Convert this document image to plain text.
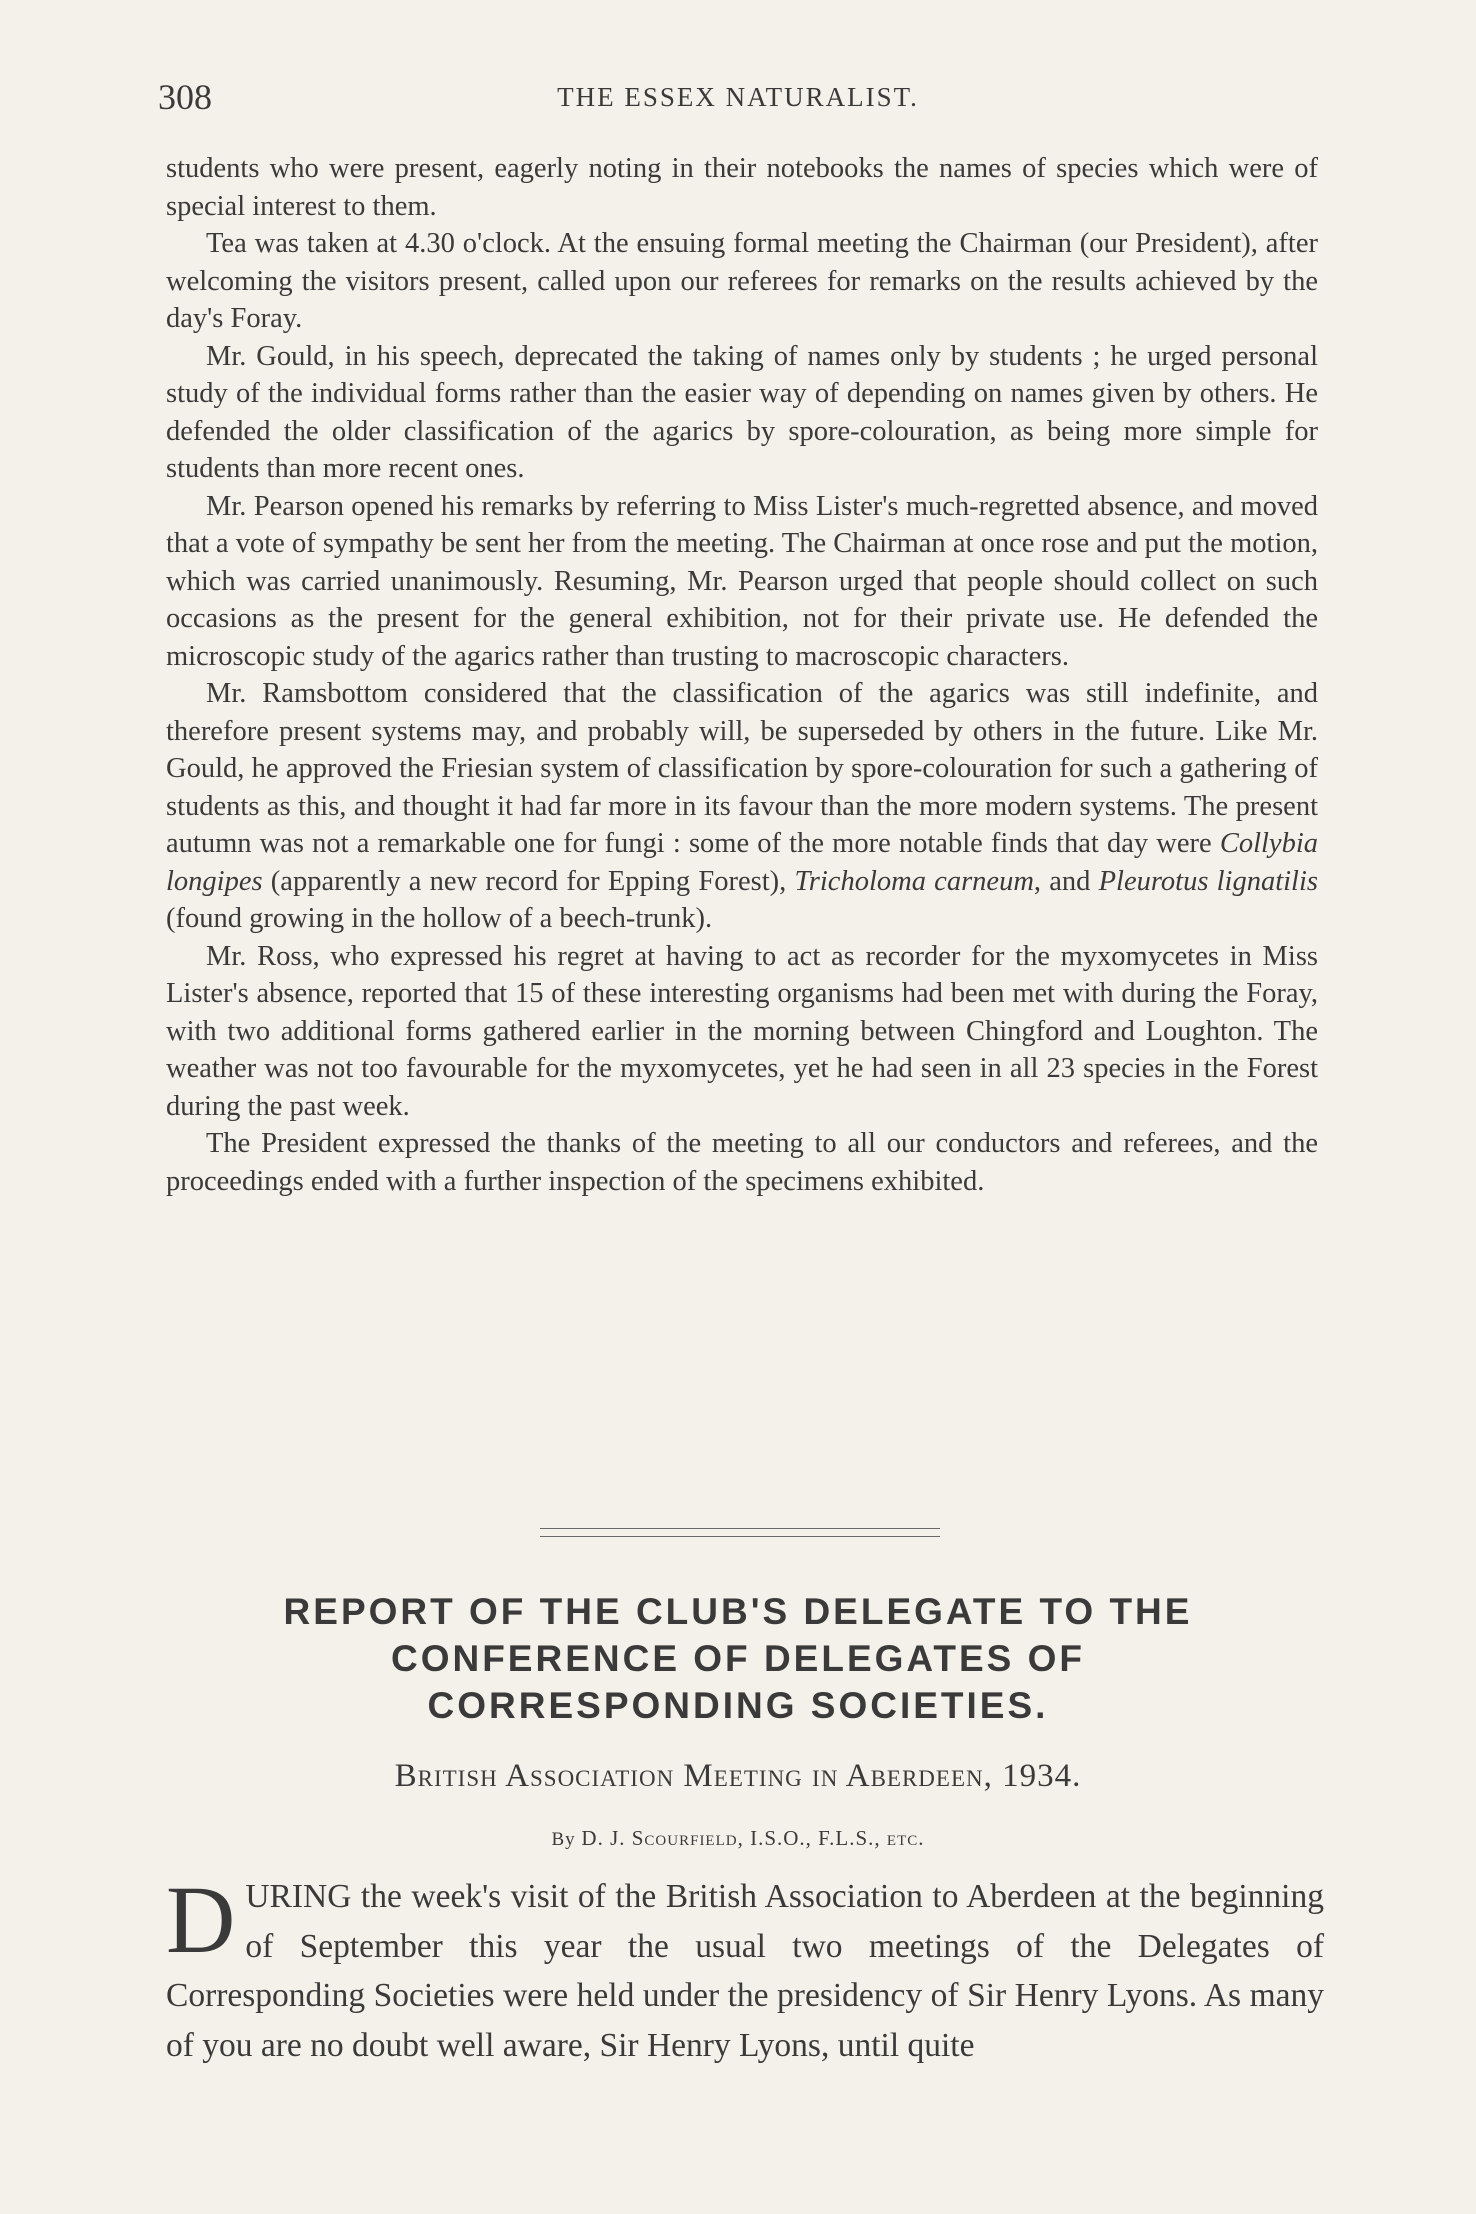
308	THE ESSEX NATURALIST.

students who were present, eagerly noting in their notebooks the names of species which were of special interest to them.

Tea was taken at 4.30 o'clock. At the ensuing formal meeting the Chairman (our President), after welcoming the visitors present, called upon our referees for remarks on the results achieved by the day's Foray.

Mr. Gould, in his speech, deprecated the taking of names only by students ; he urged personal study of the individual forms rather than the easier way of depending on names given by others. He defended the older classification of the agarics by spore-colouration, as being more simple for students than more recent ones.

Mr. Pearson opened his remarks by referring to Miss Lister's much-regretted absence, and moved that a vote of sympathy be sent her from the meeting. The Chairman at once rose and put the motion, which was carried unanimously. Resuming, Mr. Pearson urged that people should collect on such occasions as the present for the general exhibition, not for their private use. He defended the microscopic study of the agarics rather than trusting to macroscopic characters.

Mr. Ramsbottom considered that the classification of the agarics was still indefinite, and therefore present systems may, and probably will, be superseded by others in the future. Like Mr. Gould, he approved the Friesian system of classification by spore-colouration for such a gathering of students as this, and thought it had far more in its favour than the more modern systems. The present autumn was not a remarkable one for fungi : some of the more notable finds that day were Collybia longipes (apparently a new record for Epping Forest), Tricholoma carneum, and Pleurotus lignatilis (found growing in the hollow of a beech-trunk).

Mr. Ross, who expressed his regret at having to act as recorder for the myxomycetes in Miss Lister's absence, reported that 15 of these interesting organisms had been met with during the Foray, with two additional forms gathered earlier in the morning between Chingford and Loughton. The weather was not too favourable for the myxomycetes, yet he had seen in all 23 species in the Forest during the past week.

The President expressed the thanks of the meeting to all our conductors and referees, and the proceedings ended with a further inspection of the specimens exhibited.

REPORT OF THE CLUB'S DELEGATE TO THE
CONFERENCE OF DELEGATES OF
CORRESPONDING SOCIETIES.

British Association Meeting in Aberdeen, 1934.

By D. J. Scourfield, I.S.O., F.L.S., etc.

DURING the week's visit of the British Association to Aberdeen at the beginning of September this year the usual two meetings of the Delegates of Corresponding Societies were held under the presidency of Sir Henry Lyons. As many of you are no doubt well aware, Sir Henry Lyons, until quite
